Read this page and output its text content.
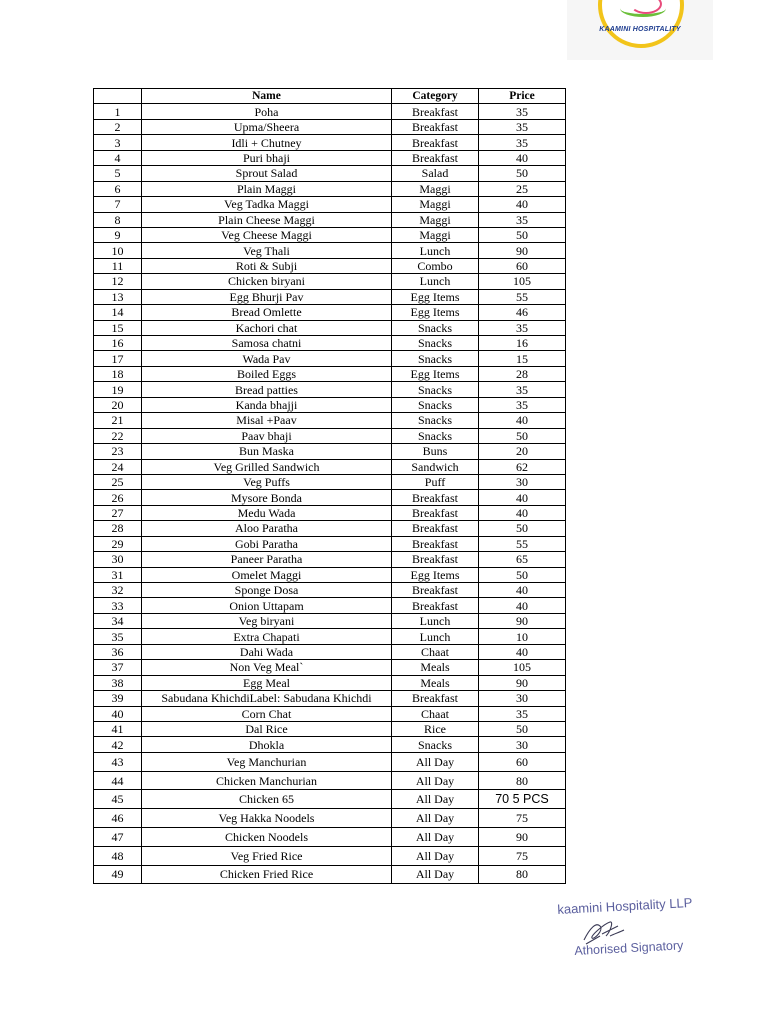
KAAMINI HOSPITALITY
	Name	Category	Price
1	Poha	Breakfast	35
2	Upma/Sheera	Breakfast	35
3	Idli + Chutney	Breakfast	35
4	Puri bhaji	Breakfast	40
5	Sprout Salad	Salad	50
6	Plain Maggi	Maggi	25
7	Veg Tadka Maggi	Maggi	40
8	Plain Cheese Maggi	Maggi	35
9	Veg Cheese Maggi	Maggi	50
10	Veg Thali	Lunch	90
11	Roti & Subji	Combo	60
12	Chicken biryani	Lunch	105
13	Egg Bhurji Pav	Egg Items	55
14	Bread Omlette	Egg Items	46
15	Kachori chat	Snacks	35
16	Samosa chatni	Snacks	16
17	Wada Pav	Snacks	15
18	Boiled Eggs	Egg Items	28
19	Bread patties	Snacks	35
20	Kanda bhajji	Snacks	35
21	Misal +Paav	Snacks	40
22	Paav bhaji	Snacks	50
23	Bun Maska	Buns	20
24	Veg Grilled Sandwich	Sandwich	62
25	Veg Puffs	Puff	30
26	Mysore Bonda	Breakfast	40
27	Medu Wada	Breakfast	40
28	Aloo Paratha	Breakfast	50
29	Gobi Paratha	Breakfast	55
30	Paneer Paratha	Breakfast	65
31	Omelet Maggi	Egg Items	50
32	Sponge Dosa	Breakfast	40
33	Onion Uttapam	Breakfast	40
34	Veg biryani	Lunch	90
35	Extra Chapati	Lunch	10
36	Dahi Wada	Chaat	40
37	Non Veg Meal`	Meals	105
38	Egg Meal	Meals	90
39	Sabudana KhichdiLabel: Sabudana Khichdi	Breakfast	30
40	Corn Chat	Chaat	35
41	Dal Rice	Rice	50
42	Dhokla	Snacks	30
43	Veg Manchurian	All Day	60
44	Chicken Manchurian	All Day	80
45	Chicken 65	All Day	70 5 PCS
46	Veg Hakka Noodels	All Day	75
47	Chicken Noodels	All Day	90
48	Veg Fried Rice	All Day	75
49	Chicken Fried Rice	All Day	80
kaamini Hospitality LLP
Athorised Signatory
